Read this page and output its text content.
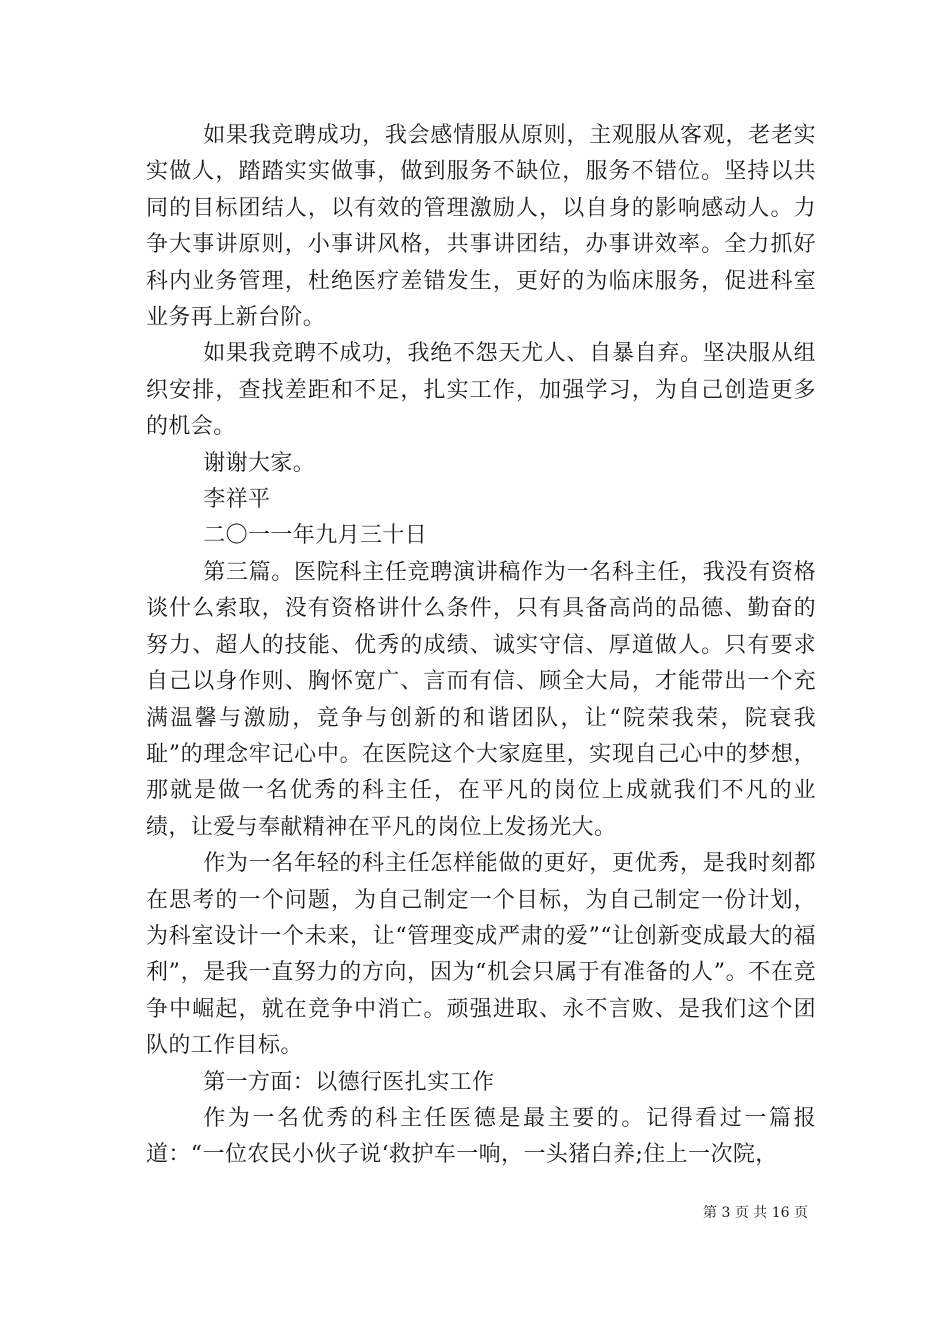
如果我竞聘成功，我会感情服从原则，主观服从客观，老老实实做人，踏踏实实做事，做到服务不缺位，服务不错位。坚持以共同的目标团结人，以有效的管理激励人，以自身的影响感动人。力争大事讲原则，小事讲风格，共事讲团结，办事讲效率。全力抓好科内业务管理，杜绝医疗差错发生，更好的为临床服务，促进科室业务再上新台阶。

如果我竞聘不成功，我绝不怨天尤人、自暴自弃。坚决服从组织安排，查找差距和不足，扎实工作，加强学习，为自己创造更多的机会。

谢谢大家。

李祥平

二〇一一年九月三十日

第三篇。医院科主任竞聘演讲稿作为一名科主任，我没有资格谈什么索取，没有资格讲什么条件，只有具备高尚的品德、勤奋的努力、超人的技能、优秀的成绩、诚实守信、厚道做人。只有要求自己以身作则、胸怀宽广、言而有信、顾全大局，才能带出一个充满温馨与激励，竞争与创新的和谐团队，让“院荣我荣，院衰我耻”的理念牢记心中。在医院这个大家庭里，实现自己心中的梦想，那就是做一名优秀的科主任，在平凡的岗位上成就我们不凡的业绩，让爱与奉献精神在平凡的岗位上发扬光大。

作为一名年轻的科主任怎样能做的更好，更优秀，是我时刻都在思考的一个问题，为自己制定一个目标，为自己制定一份计划，为科室设计一个未来，让“管理变成严肃的爱”“让创新变成最大的福利”，是我一直努力的方向，因为“机会只属于有准备的人”。不在竞争中崛起，就在竞争中消亡。顽强进取、永不言败、是我们这个团队的工作目标。

第一方面：以德行医扎实工作

作为一名优秀的科主任医德是最主要的。记得看过一篇报道：“一位农民小伙子说‘救护车一响，一头猪白养;住上一次院，

第 3 页 共 16 页
